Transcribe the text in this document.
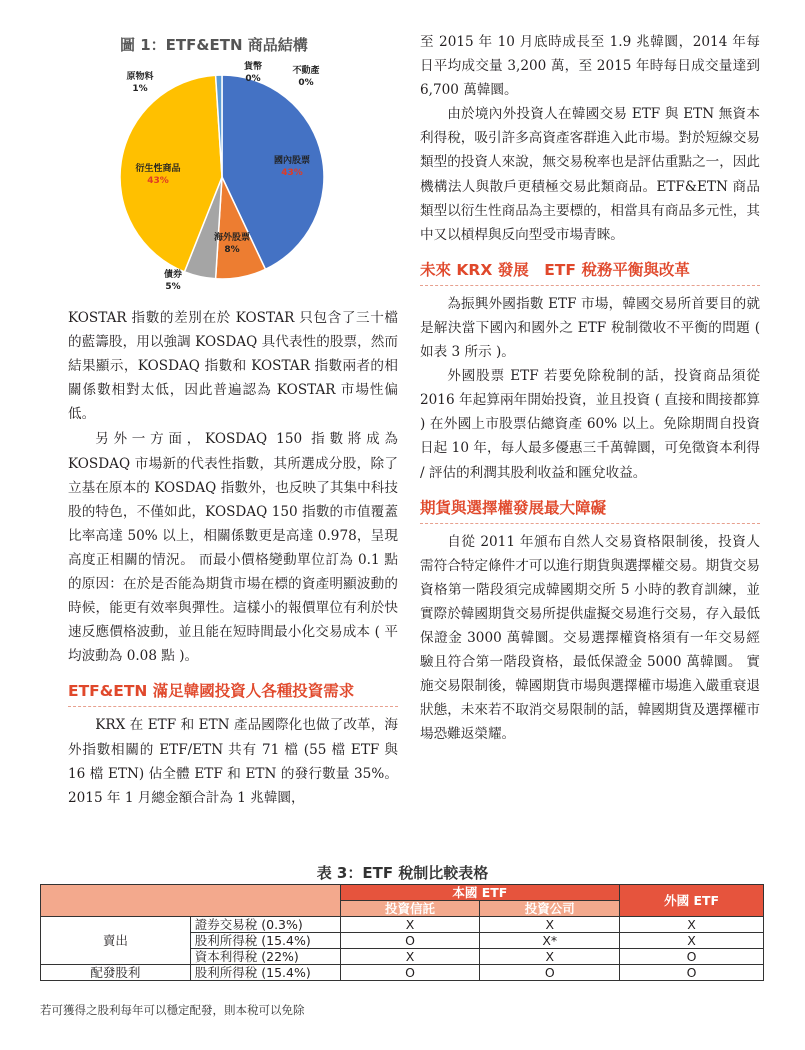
圖 1：ETF&ETN 商品結構
國內股票
43%
海外股票
8%
債券
5%
衍生性商品
43%
原物料
1%
貨幣
0%
不動產
0%

KOSTAR 指數的差別在於 KOSTAR 只包含了三十檔的藍籌股，用以強調 KOSDAQ 具代表性的股票，然而結果顯示，KOSDAQ 指數和 KOSTAR 指數兩者的相關係數相對太低，因此普遍認為 KOSTAR 市場性偏低。

另外一方面，KOSDAQ 150 指數將成為 KOSDAQ 市場新的代表性指數，其所選成分股，除了立基在原本的 KOSDAQ 指數外，也反映了其集中科技股的特色，不僅如此，KOSDAQ 150 指數的市值覆蓋比率高達 50% 以上，相關係數更是高達 0.978，呈現高度正相關的情況。 而最小價格變動單位訂為 0.1 點的原因：在於是否能為期貨市場在標的資產明顯波動的時候，能更有效率與彈性。這樣小的報價單位有利於快速反應價格波動，並且能在短時間最小化交易成本 ( 平均波動為 0.08 點 )。

ETF&ETN 滿足韓國投資人各種投資需求

KRX 在 ETF 和 ETN 產品國際化也做了改革，海外指數相關的 ETF/ETN 共有 71 檔 (55 檔 ETF 與 16 檔 ETN) 佔全體 ETF 和 ETN 的發行數量 35%。2015 年 1 月總金額合計為 1 兆韓圜，

至 2015 年 10 月底時成長至 1.9 兆韓圜，2014 年每日平均成交量 3,200 萬，至 2015 年時每日成交量達到 6,700 萬韓圜。

由於境內外投資人在韓國交易 ETF 與 ETN 無資本利得稅，吸引許多高資產客群進入此市場。對於短線交易類型的投資人來說，無交易稅率也是評估重點之一，因此機構法人與散戶更積極交易此類商品。ETF&ETN 商品類型以衍生性商品為主要標的，相當具有商品多元性，其中又以槓桿與反向型受市場青睞。

未來 KRX 發展　ETF 稅務平衡與改革

為振興外國指數 ETF 市場，韓國交易所首要目的就是解決當下國內和國外之 ETF 稅制徵收不平衡的問題 ( 如表 3 所示 )。

外國股票 ETF 若要免除稅制的話，投資商品須從 2016 年起算兩年開始投資，並且投資 ( 直接和間接都算 ) 在外國上市股票佔總資產 60% 以上。免除期間自投資日起 10 年，每人最多優惠三千萬韓圜，可免徵資本利得 / 評估的利潤其股利收益和匯兌收益。

期貨與選擇權發展最大障礙

自從 2011 年頒布自然人交易資格限制後，投資人需符合特定條件才可以進行期貨與選擇權交易。期貨交易資格第一階段須完成韓國期交所 5 小時的教育訓練，並實際於韓國期貨交易所提供虛擬交易進行交易，存入最低保證金 3000 萬韓圜。交易選擇權資格須有一年交易經驗且符合第一階段資格，最低保證金 5000 萬韓圜。 實施交易限制後，韓國期貨市場與選擇權市場進入嚴重衰退狀態，未來若不取消交易限制的話，韓國期貨及選擇權市場恐難返榮耀。

表 3：ETF 稅制比較表格
		本國 ETF		外國 ETF
		投資信託	投資公司	
賣出	證券交易稅 (0.3%)	X	X	X
	股利所得稅 (15.4%)	O	X*	X
	資本利得稅 (22%)	X	X	O
配發股利	股利所得稅 (15.4%)	O	O	O
若可獲得之股利每年可以穩定配發，則本稅可以免除
